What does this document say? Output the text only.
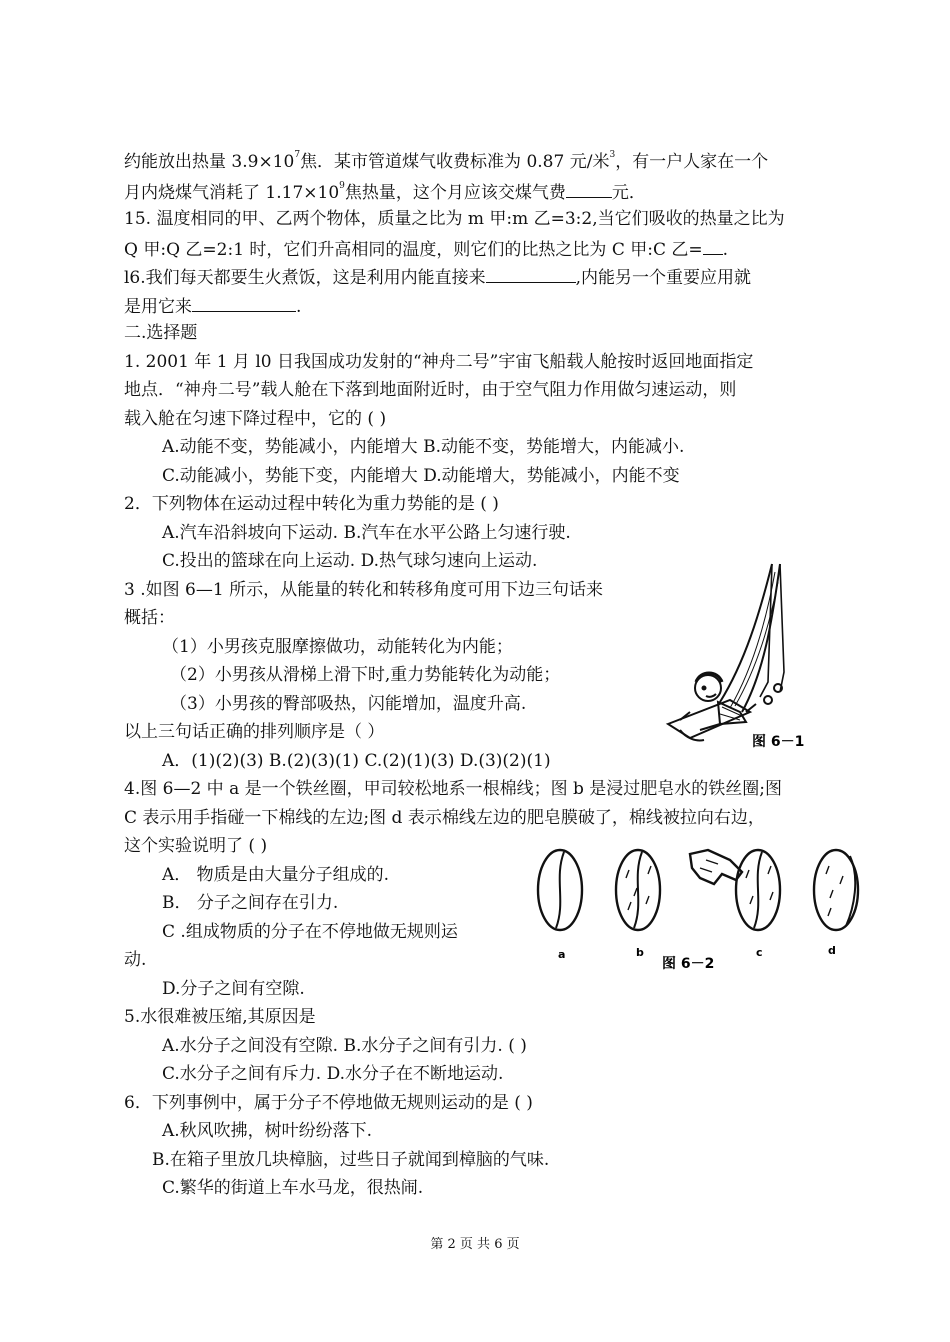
约能放出热量 $3.9\times 10^7$焦．某市管道煤气收费标准为 0.87 元/米$^3$，有一户人家在一个
月内烧煤气消耗了 $1.17\times 10^9$焦热量，这个月应该交煤气费	元．
15. 温度相同的甲、乙两个物体，质量之比为 m 甲:m 乙=3:2,当它们吸收的热量之比为
Q 甲:Q 乙=2:1 时，它们升高相同的温度，则它们的比热之比为 C 甲:C 乙= .
l6.我们每天都要生火煮饭，这是利用内能直接来	,内能另一个重要应用就
是用它来	.
二.选择题
1. 2001 年 1 月 l0 日我国成功发射的“神舟二号”宇宙飞船载人舱按时返回地面指定
地点．“神舟二号”载人舱在下落到地面附近时，由于空气阻力作用做匀速运动，则
载入舱在匀速下降过程中，它的 ( )
A.动能不变，势能减小，内能增大 B.动能不变，势能增大，内能减小.
C.动能减小，势能下变，内能增大 D.动能增大，势能减小，内能不变
2．下列物体在运动过程中转化为重力势能的是 ( )
A.汽车沿斜坡向下运动. B.汽车在水平公路上匀速行驶.
C.投出的篮球在向上运动. D.热气球匀速向上运动.
3 .如图 6—1 所示，从能量的转化和转移角度可用下边三句话来
概括：
（1）小男孩克服摩擦做功，动能转化为内能；
（2）小男孩从滑梯上滑下时,重力势能转化为动能；
（3）小男孩的臀部吸热，闪能增加，温度升高.
以上三句话正确的排列顺序是（ ）
A．(1)(2)(3) B.(2)(3)(1) C.(2)(1)(3) D.(3)(2)(1)
图 6－1
4.图 6—2 中 a 是一个铁丝圈，甲司较松地系一根棉线；图 b 是浸过肥皂水的铁丝圈;图
C 表示用手指碰一下棉线的左边;图 d 表示棉线左边的肥皂膜破了，棉线被拉向右边，
这个实验说明了 ( )
A． 物质是由大量分子组成的.
B． 分子之间存在引力.
C .组成物质的分子在不停地做无规则运
动.
D.分子之间有空隙.
a	b	c	d
图 6－2
5.水很难被压缩,其原因是
A.水分子之间没有空隙. B.水分子之间有引力. ( )
C.水分子之间有斥力. D.水分子在不断地运动.
6．下列事例中，属于分子不停地做无规则运动的是 ( )
A.秋风吹拂，树叶纷纷落下.
B.在箱子里放几块樟脑，过些日子就闻到樟脑的气味.
C.繁华的街道上车水马龙，很热闹.
第 2 页 共 6 页
